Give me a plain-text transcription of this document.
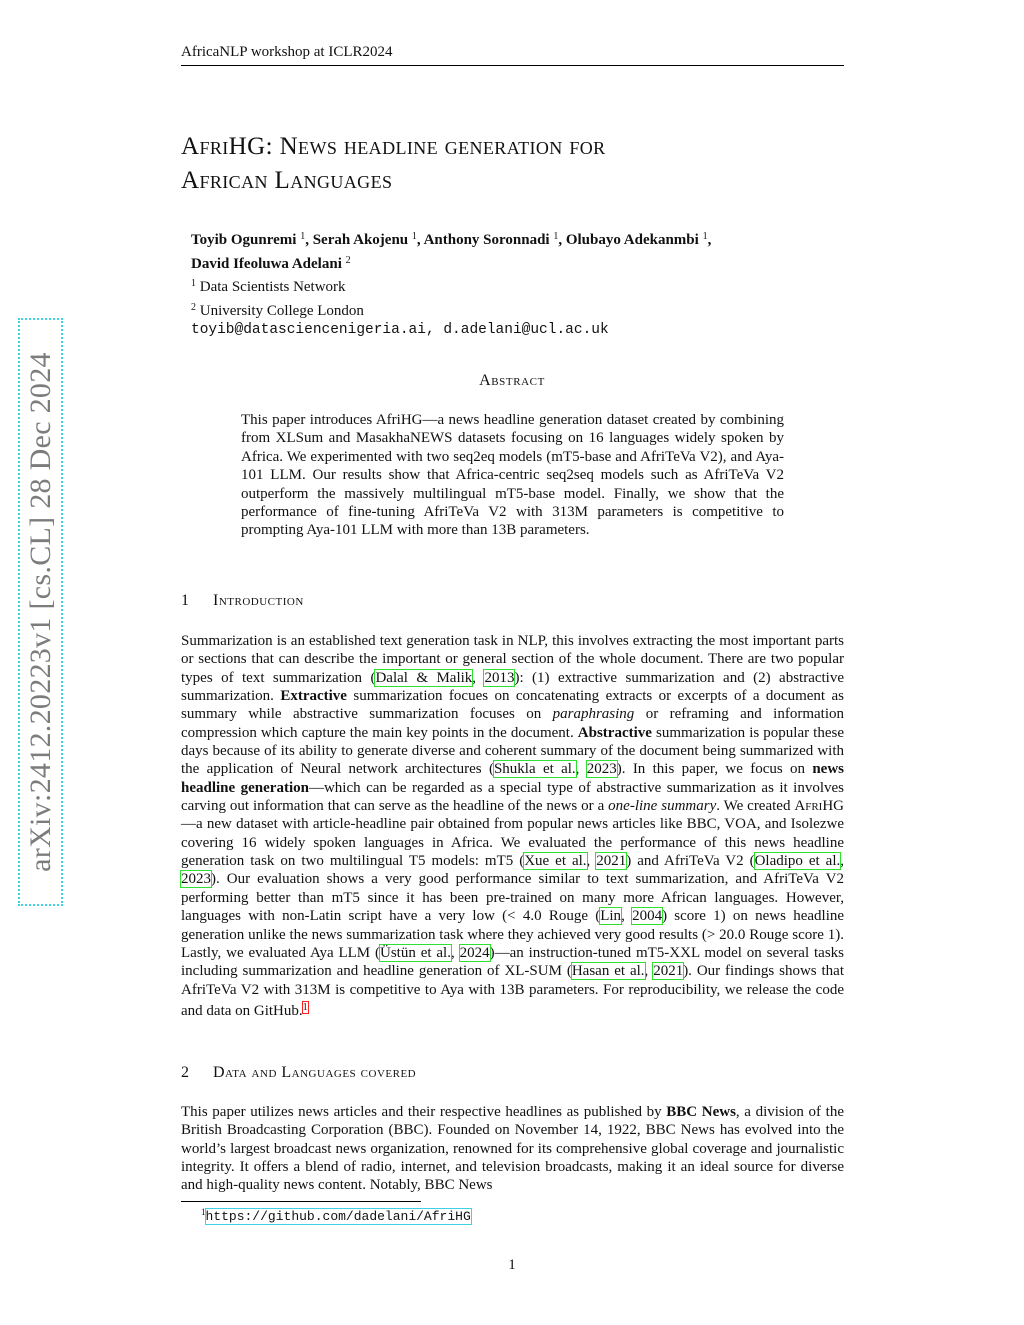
AfricaNLP workshop at ICLR2024
arXiv:2412.20223v1 [cs.CL] 28 Dec 2024
AfriHG: News headline generation for
African Languages
Toyib Ogunremi $^1$, Serah Akojenu $^1$, Anthony Soronnadi $^1$, Olubayo Adekanmbi $^1$,
David Ifeoluwa Adelani $^2$
$^1$ Data Scientists Network
$^2$ University College London
toyib@datasciencenigeria.ai, d.adelani@ucl.ac.uk
Abstract

This paper introduces AfriHG—a news headline generation dataset created by combining from XLSum and MasakhaNEWS datasets focusing on 16 languages widely spoken by Africa. We experimented with two seq2eq models (mT5-base and AfriTeVa V2), and Aya-101 LLM. Our results show that Africa-centric seq2seq models such as AfriTeVa V2 outperform the massively multilingual mT5-base model. Finally, we show that the performance of fine-tuning AfriTeVa V2 with 313M parameters is competitive to prompting Aya-101 LLM with more than 13B parameters.

1 Introduction

Summarization is an established text generation task in NLP, this involves extracting the most important parts or sections that can describe the important or general section of the whole document. There are two popular types of text summarization (Dalal & Malik, 2013): (1) extractive summarization and (2) abstractive summarization. Extractive summarization focues on concatenating extracts or excerpts of a document as summary while abstractive summarization focuses on paraphrasing or reframing and information compression which capture the main key points in the document. Abstractive summarization is popular these days because of its ability to generate diverse and coherent summary of the document being summarized with the application of Neural network architectures (Shukla et al., 2023). In this paper, we focus on news headline generation—which can be regarded as a special type of abstractive summarization as it involves carving out information that can serve as the headline of the news or a one-line summary. We created AfriHG—a new dataset with article-headline pair obtained from popular news articles like BBC, VOA, and Isolezwe covering 16 widely spoken languages in Africa. We evaluated the performance of this news headline generation task on two multilingual T5 models: mT5 (Xue et al., 2021) and AfriTeVa V2 (Oladipo et al., 2023). Our evaluation shows a very good performance similar to text summarization, and AfriTeVa V2 performing better than mT5 since it has been pre-trained on many more African languages. However, languages with non-Latin script have a very low (< 4.0 Rouge (Lin, 2004) score 1) on news headline generation unlike the news summarization task where they achieved very good results (> 20.0 Rouge score 1). Lastly, we evaluated Aya LLM (Üstün et al., 2024)—an instruction-tuned mT5-XXL model on several tasks including summarization and headline generation of XL-SUM (Hasan et al., 2021). Our findings shows that AfriTeVa V2 with 313M is competitive to Aya with 13B parameters. For reproducibility, we release the code and data on GitHub.$^1$

2 Data and Languages covered

This paper utilizes news articles and their respective headlines as published by BBC News, a division of the British Broadcasting Corporation (BBC). Founded on November 14, 1922, BBC News has evolved into the world’s largest broadcast news organization, renowned for its comprehensive global coverage and journalistic integrity. It offers a blend of radio, internet, and television broadcasts, making it an ideal source for diverse and high-quality news content. Notably, BBC News

$^1$https://github.com/dadelani/AfriHG
1
